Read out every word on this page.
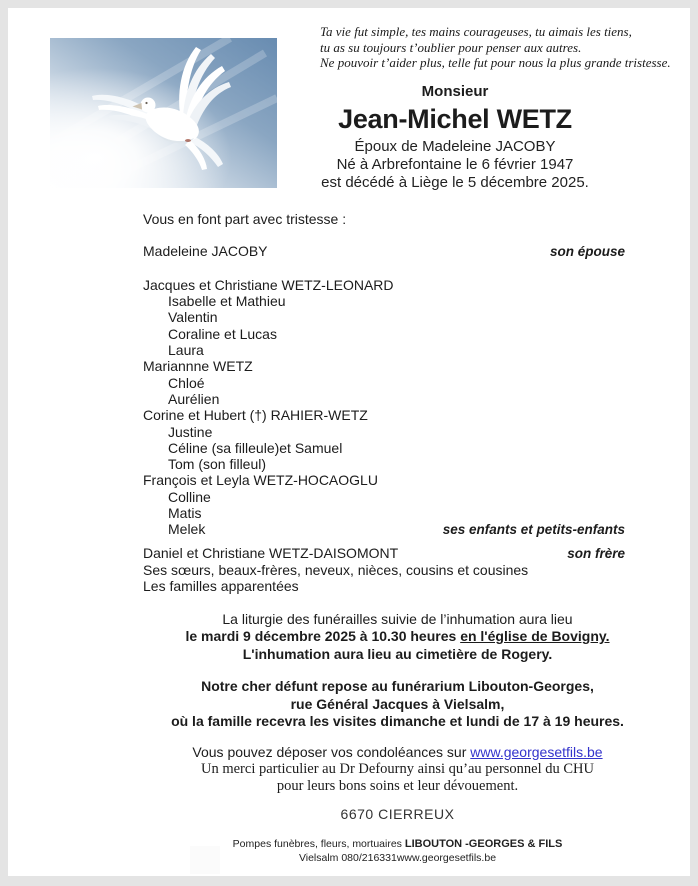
Ta vie fut simple, tes mains courageuses, tu aimais les tiens,
tu as su toujours t’oublier pour penser aux autres.
Ne pouvoir t’aider plus, telle fut pour nous la plus grande tristesse.
Monsieur
Jean-Michel WETZ
Époux de Madeleine JACOBY
Né à Arbrefontaine le 6 février 1947
est décédé à Liège le 5 décembre 2025.
Vous en font part avec tristesse :
Madeleine JACOBY	son épouse
Jacques et Christiane WETZ-LEONARD
Isabelle et Mathieu
Valentin
Coraline et Lucas
Laura
Mariannne WETZ
Chloé
Aurélien
Corine et Hubert (†) RAHIER-WETZ
Justine
Céline (sa filleule)et Samuel
Tom (son filleul)
François et Leyla WETZ-HOCAOGLU
Colline
Matis
Melek	ses enfants et petits-enfants
Daniel et Christiane WETZ-DAISOMONT	son frère
Ses sœurs, beaux-frères, neveux, nièces, cousins et cousines
Les familles apparentées
La liturgie des funérailles suivie de l’inhumation aura lieu
le mardi 9 décembre 2025 à 10.30 heures en l'église de Bovigny.
L'inhumation aura lieu au cimetière de Rogery.
Notre cher défunt repose au funérarium Libouton-Georges,
rue Général Jacques à Vielsalm,
où la famille recevra les visites dimanche et lundi de 17 à 19 heures.
Vous pouvez déposer vos condoléances sur www.georgesetfils.be
Un merci particulier au Dr Defourny ainsi qu’au personnel du CHU
pour leurs bons soins et leur dévouement.
6670 CIERREUX
Pompes funèbres, fleurs, mortuaires LIBOUTON -GEORGES & FILS
Vielsalm 080/216331www.georgesetfils.be
